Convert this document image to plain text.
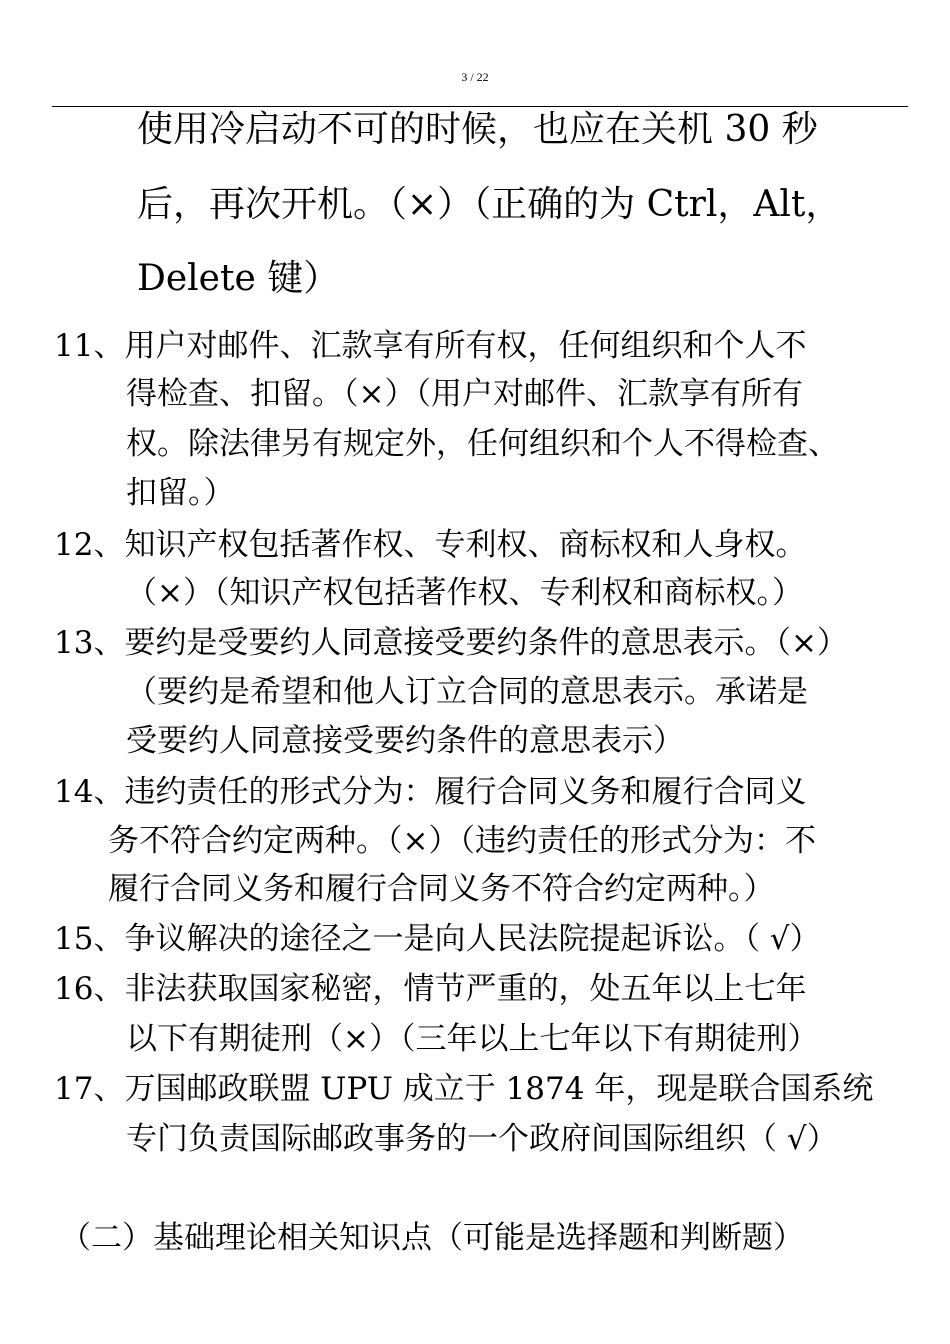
3 / 22
使用冷启动不可的时候，也应在关机 30 秒
后，再次开机。（×）（正确的为 Ctrl，Alt，
Delete 键）
11、用户对邮件、汇款享有所有权，任何组织和个人不
得检查、扣留。（×）（用户对邮件、汇款享有所有
权。除法律另有规定外，任何组织和个人不得检查、
扣留。）
12、知识产权包括著作权、专利权、商标权和人身权。
（×）（知识产权包括著作权、专利权和商标权。）
13、要约是受要约人同意接受要约条件的意思表示。（×）
（要约是希望和他人订立合同的意思表示。承诺是
受要约人同意接受要约条件的意思表示）
14、违约责任的形式分为：履行合同义务和履行合同义
务不符合约定两种。（×）（违约责任的形式分为：不
履行合同义务和履行合同义务不符合约定两种。）
15、争议解决的途径之一是向人民法院提起诉讼。（ √）
16、非法获取国家秘密，情节严重的，处五年以上七年
以下有期徒刑（×）（三年以上七年以下有期徒刑）
17、万国邮政联盟 UPU 成立于 1874 年，现是联合国系统
专门负责国际邮政事务的一个政府间国际组织（ √）
（二）基础理论相关知识点（可能是选择题和判断题）
